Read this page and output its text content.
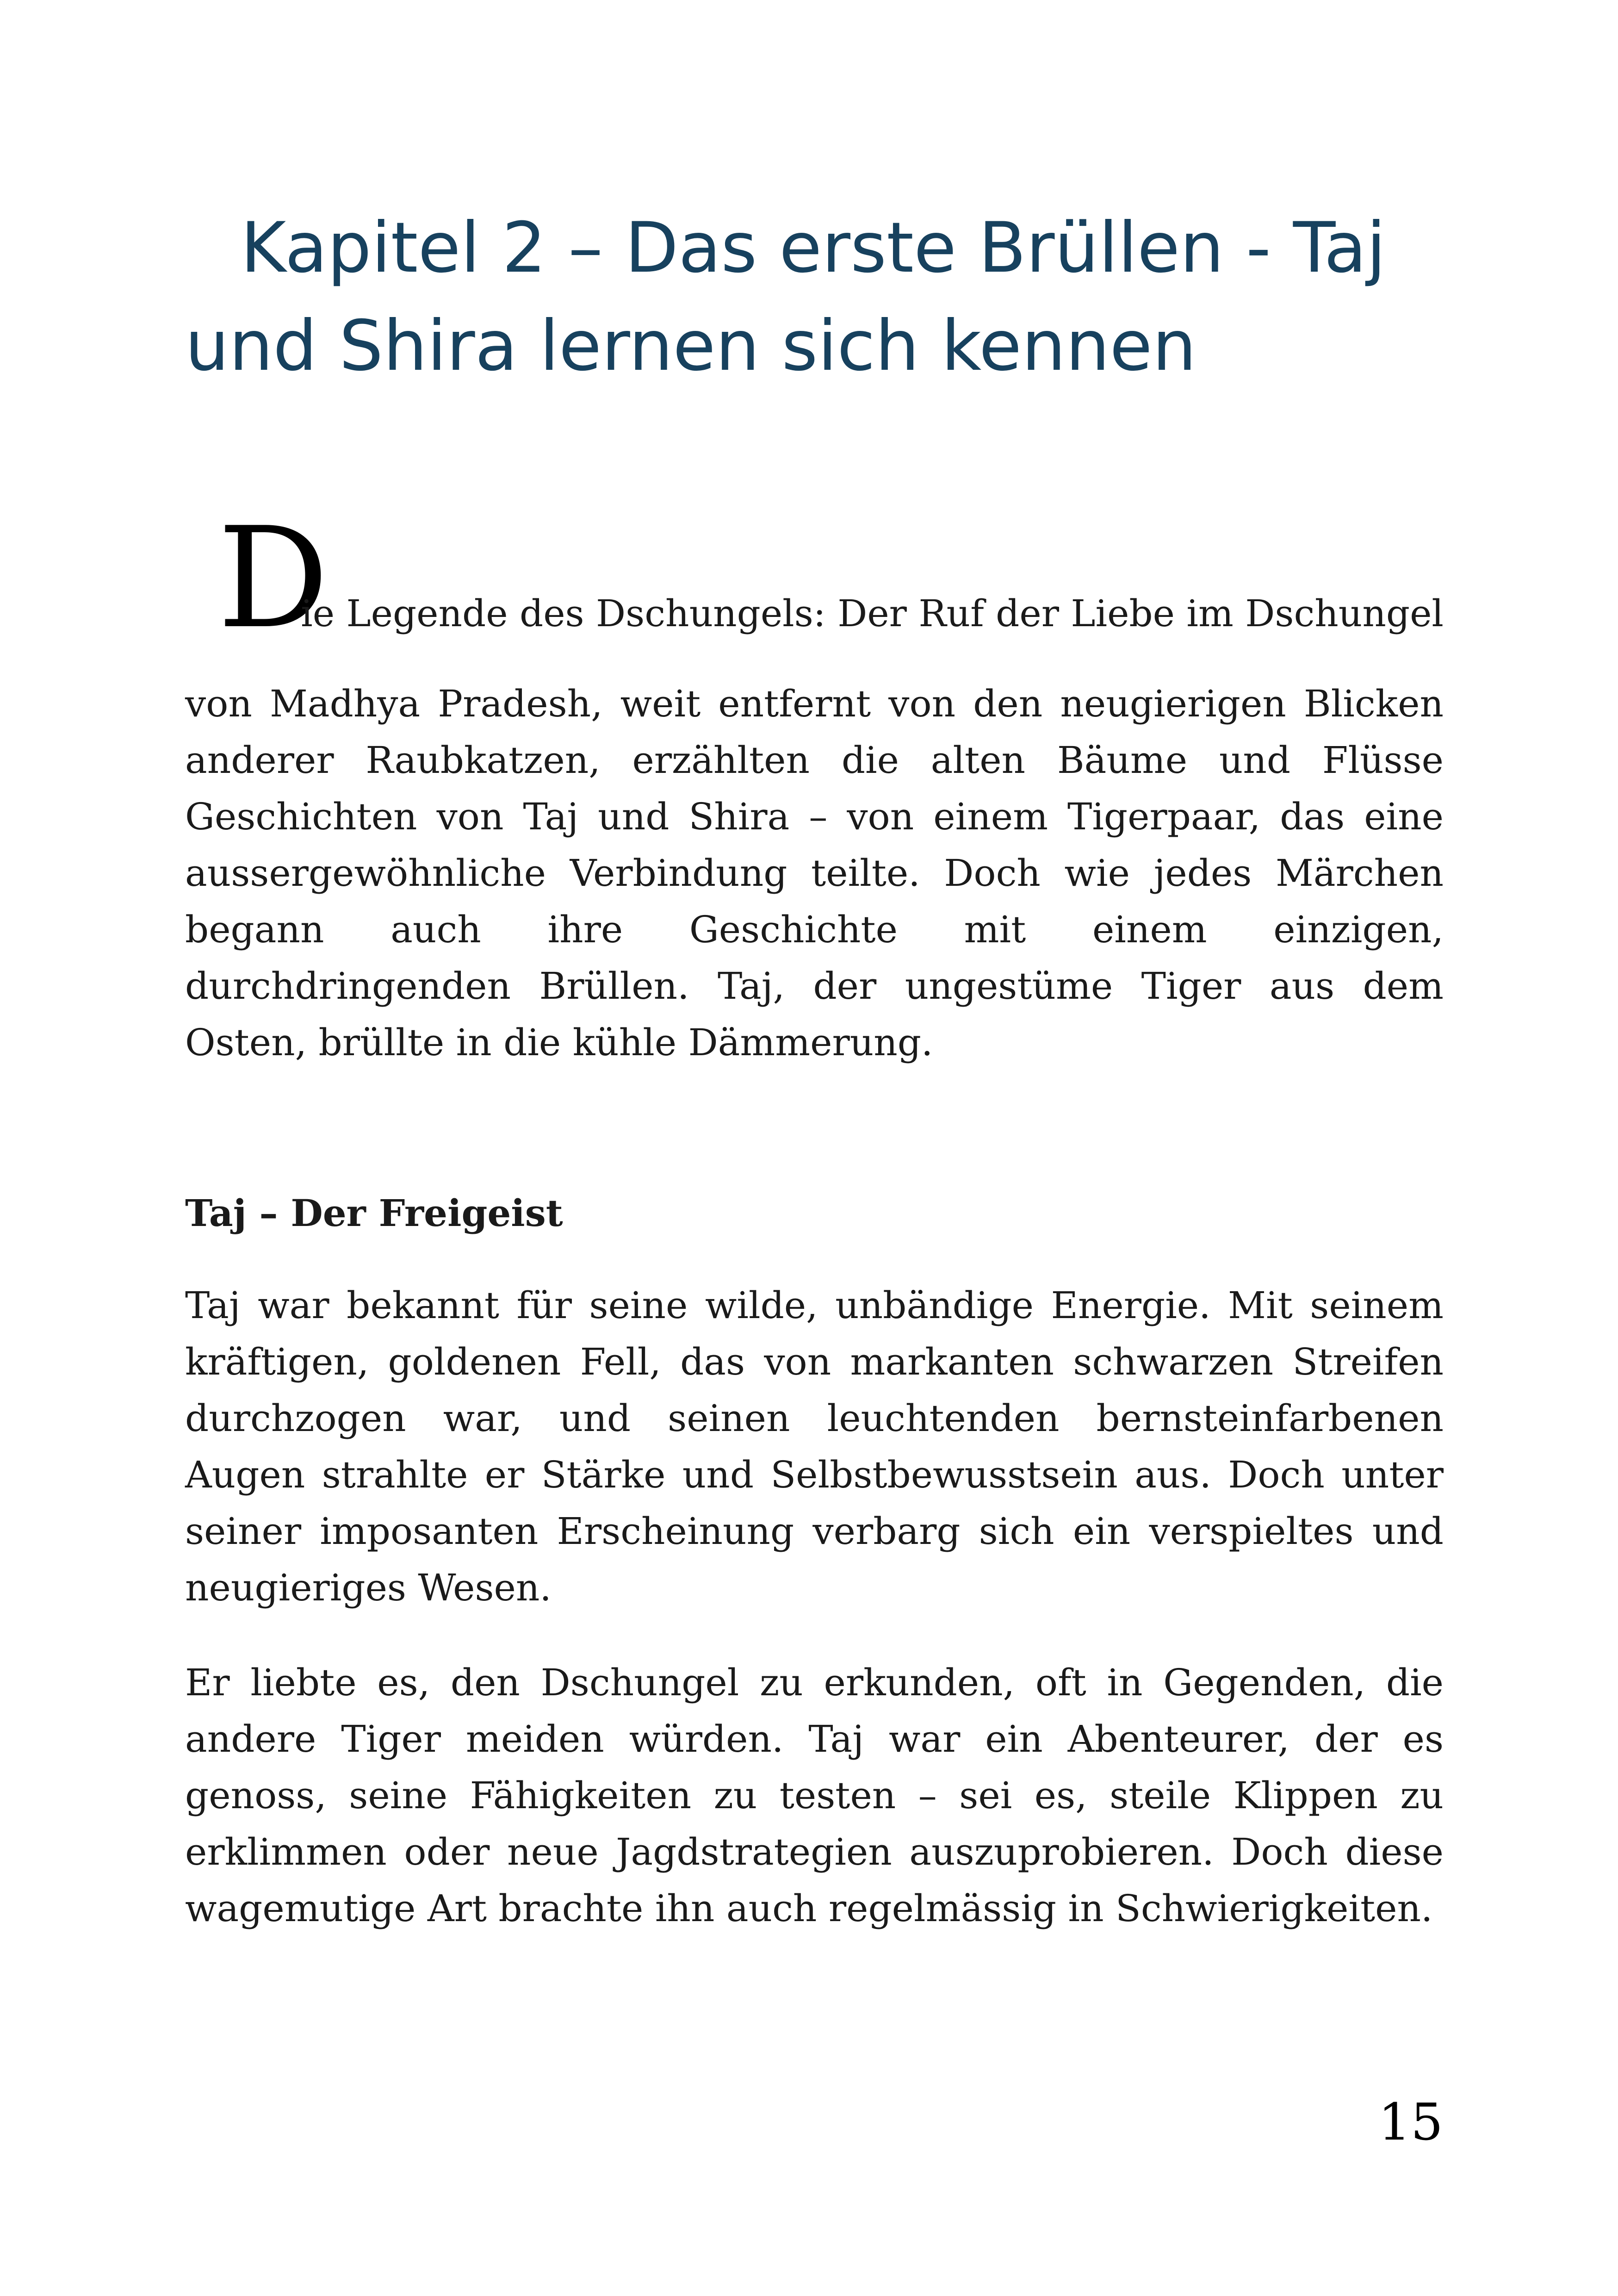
Kapitel 2 – Das erste Brüllen - Taj und Shira lernen sich kennen
D
ie Legende des Dschungels: Der Ruf der Liebe im Dschungel

von Madhya Pradesh, weit entfernt von den neugierigen Blicken anderer Raubkatzen, erzählten die alten Bäume und Flüsse Geschichten von Taj und Shira – von einem Tigerpaar, das eine aussergewöhnliche Verbindung teilte. Doch wie jedes Märchen begann auch ihre Geschichte mit einem einzigen, durchdringenden Brüllen. Taj, der ungestüme Tiger aus dem Osten, brüllte in die kühle Dämmerung.

Taj – Der Freigeist

Taj war bekannt für seine wilde, unbändige Energie. Mit seinem kräftigen, goldenen Fell, das von markanten schwarzen Streifen durchzogen war, und seinen leuchtenden bernsteinfarbenen Augen strahlte er Stärke und Selbstbewusstsein aus. Doch unter seiner imposanten Erscheinung verbarg sich ein verspieltes und neugieriges Wesen.

Er liebte es, den Dschungel zu erkunden, oft in Gegenden, die andere Tiger meiden würden. Taj war ein Abenteurer, der es genoss, seine Fähigkeiten zu testen – sei es, steile Klippen zu erklimmen oder neue Jagdstrategien auszuprobieren. Doch diese wagemutige Art brachte ihn auch regelmässig in Schwierigkeiten.

15
